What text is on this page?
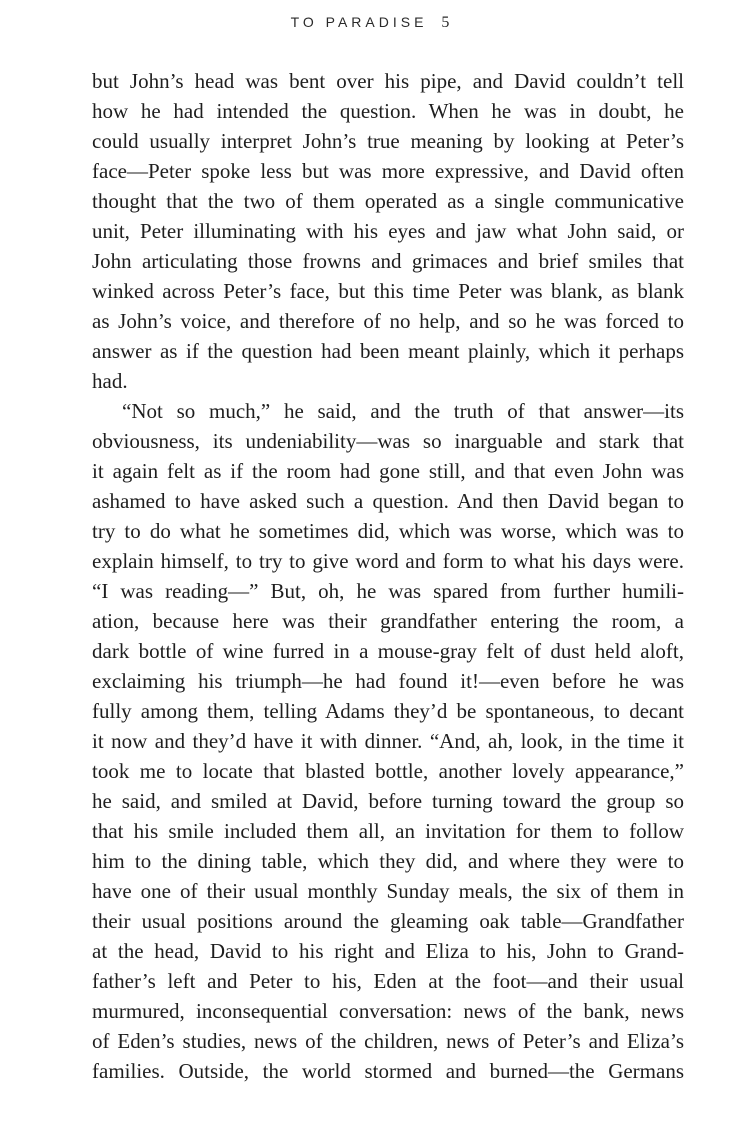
TO PARADISE 5

but John’s head was bent over his pipe, and David couldn’t tell

how he had intended the question. When he was in doubt, he

could usually interpret John’s true meaning by looking at Peter’s

face—Peter spoke less but was more expressive, and David often

thought that the two of them operated as a single communicative

unit, Peter illuminating with his eyes and jaw what John said, or

John articulating those frowns and grimaces and brief smiles that

winked across Peter’s face, but this time Peter was blank, as blank

as John’s voice, and therefore of no help, and so he was forced to

answer as if the question had been meant plainly, which it perhaps

had.

“Not so much,” he said, and the truth of that answer—its

obviousness, its undeniability—was so inarguable and stark that

it again felt as if the room had gone still, and that even John was

ashamed to have asked such a question. And then David began to

try to do what he sometimes did, which was worse, which was to

explain himself, to try to give word and form to what his days were.

“I was reading—” But, oh, he was spared from further humili-

ation, because here was their grandfather entering the room, a

dark bottle of wine furred in a mouse-gray felt of dust held aloft,

exclaiming his triumph—he had found it!—even before he was

fully among them, telling Adams they’d be spontaneous, to decant

it now and they’d have it with dinner. “And, ah, look, in the time it

took me to locate that blasted bottle, another lovely appearance,”

he said, and smiled at David, before turning toward the group so

that his smile included them all, an invitation for them to follow

him to the dining table, which they did, and where they were to

have one of their usual monthly Sunday meals, the six of them in

their usual positions around the gleaming oak table—Grandfather

at the head, David to his right and Eliza to his, John to Grand-

father’s left and Peter to his, Eden at the foot—and their usual

murmured, inconsequential conversation: news of the bank, news

of Eden’s studies, news of the children, news of Peter’s and Eliza’s

families. Outside, the world stormed and burned—the Germans
